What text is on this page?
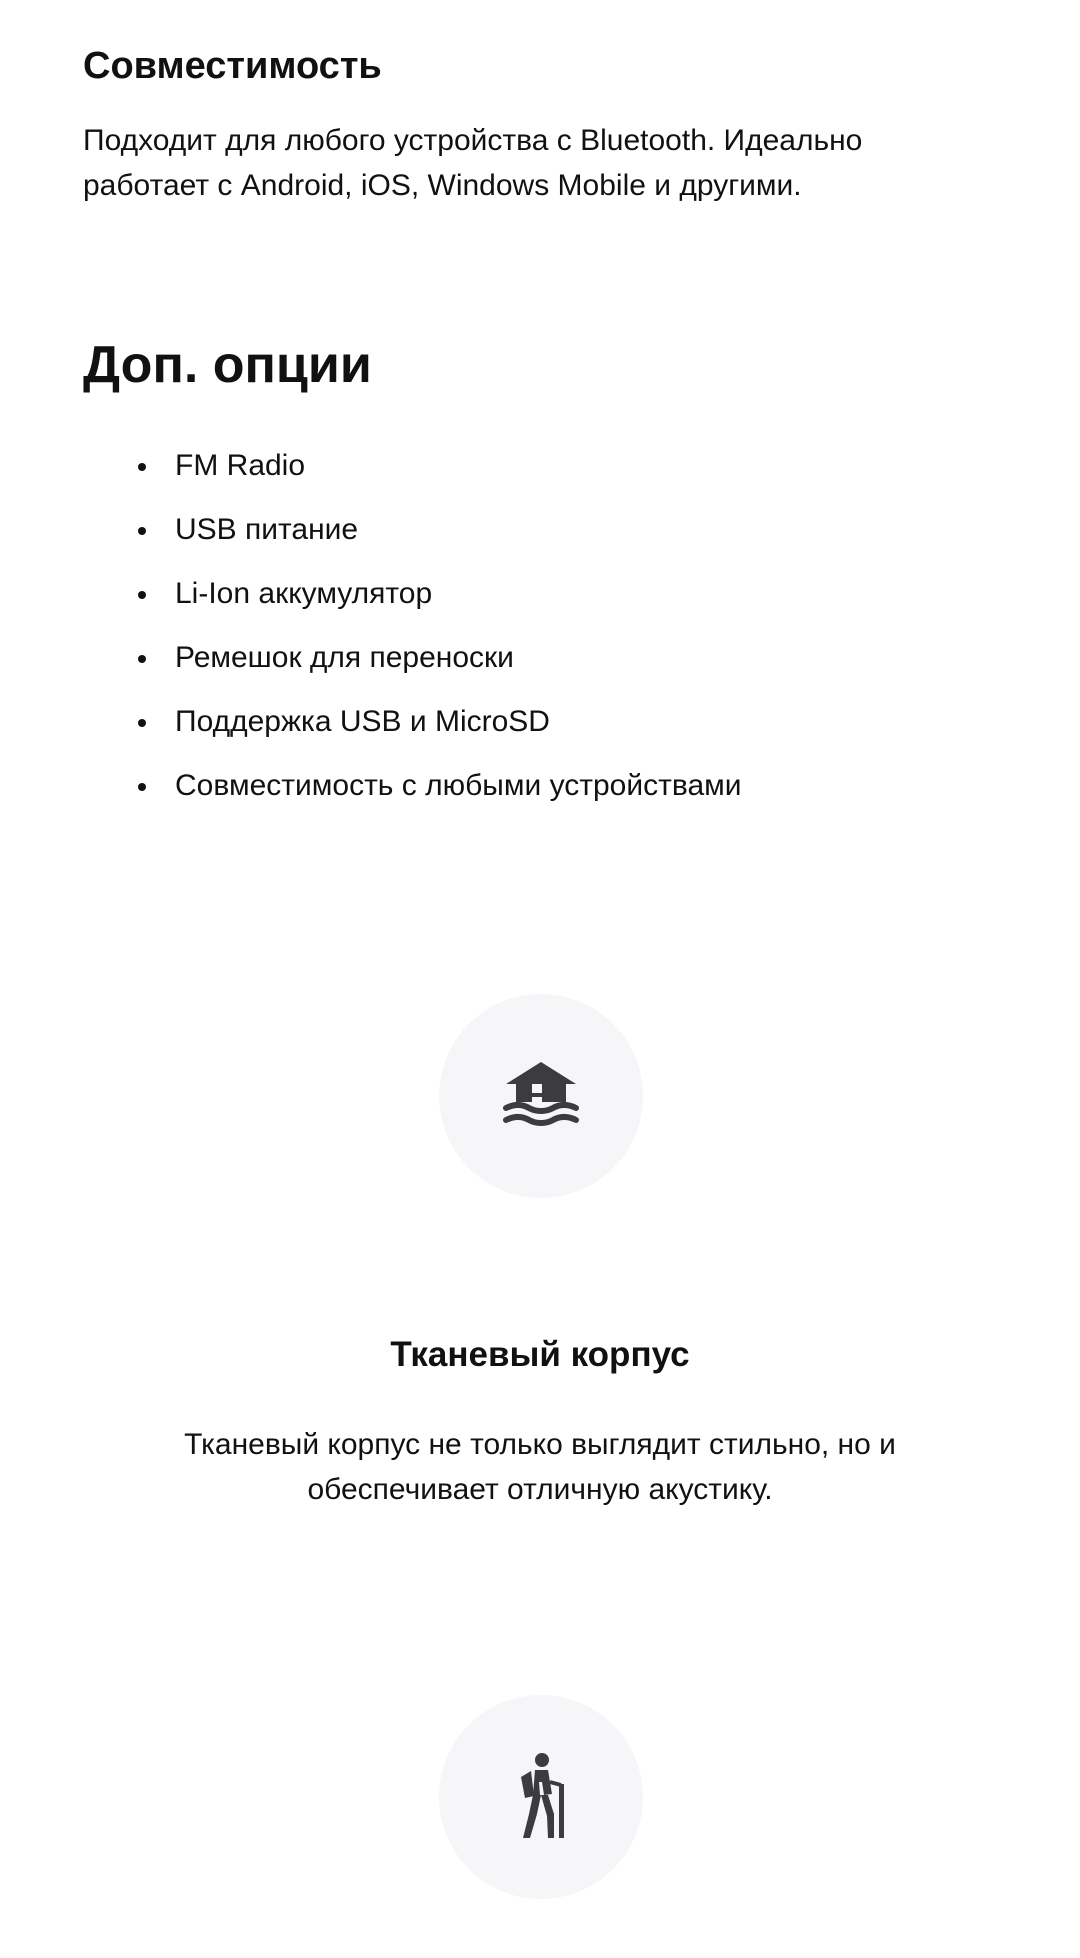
Совместимость

Подходит для любого устройства с Bluetooth. Идеально работает с Android, iOS, Windows Mobile и другими.

Доп. опции
FM Radio
USB питание
Li-Ion аккумулятор
Ремешок для переноски
Поддержка USB и MicroSD
Совместимость с любыми устройствами
Тканевый корпус

Тканевый корпус не только выглядит стильно, но и обеспечивает отличную акустику.
